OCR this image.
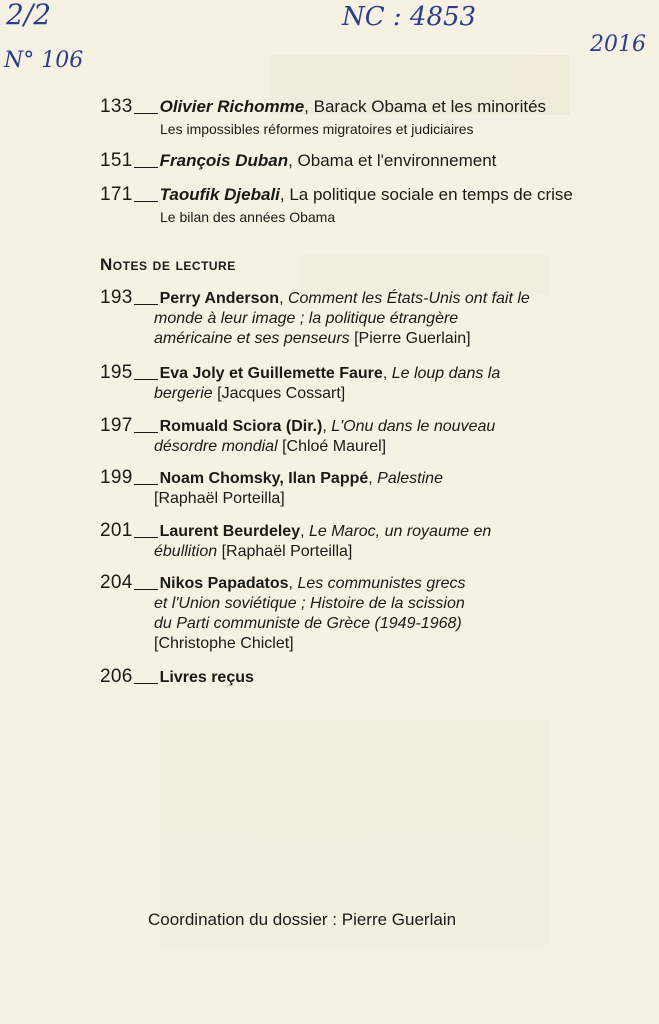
2/2
N° 106
NC : 4853
2016
133 Olivier Richomme, Barack Obama et les minorités
Les impossibles réformes migratoires et judiciaires
151 François Duban, Obama et l'environnement
171 Taoufik Djebali, La politique sociale en temps de crise
Le bilan des années Obama
Notes de lecture
193 Perry Anderson, Comment les États-Unis ont fait le
monde à leur image ; la politique étrangère
américaine et ses penseurs [Pierre Guerlain]
195 Eva Joly et Guillemette Faure, Le loup dans la
bergerie [Jacques Cossart]
197 Romuald Sciora (Dir.), L'Onu dans le nouveau
désordre mondial [Chloé Maurel]
199 Noam Chomsky, Ilan Pappé, Palestine
[Raphaël Porteilla]
201 Laurent Beurdeley, Le Maroc, un royaume en
ébullition [Raphaël Porteilla]
204 Nikos Papadatos, Les communistes grecs
et l'Union soviétique ; Histoire de la scission
du Parti communiste de Grèce (1949-1968)
[Christophe Chiclet]
206 Livres reçus
Coordination du dossier : Pierre Guerlain
